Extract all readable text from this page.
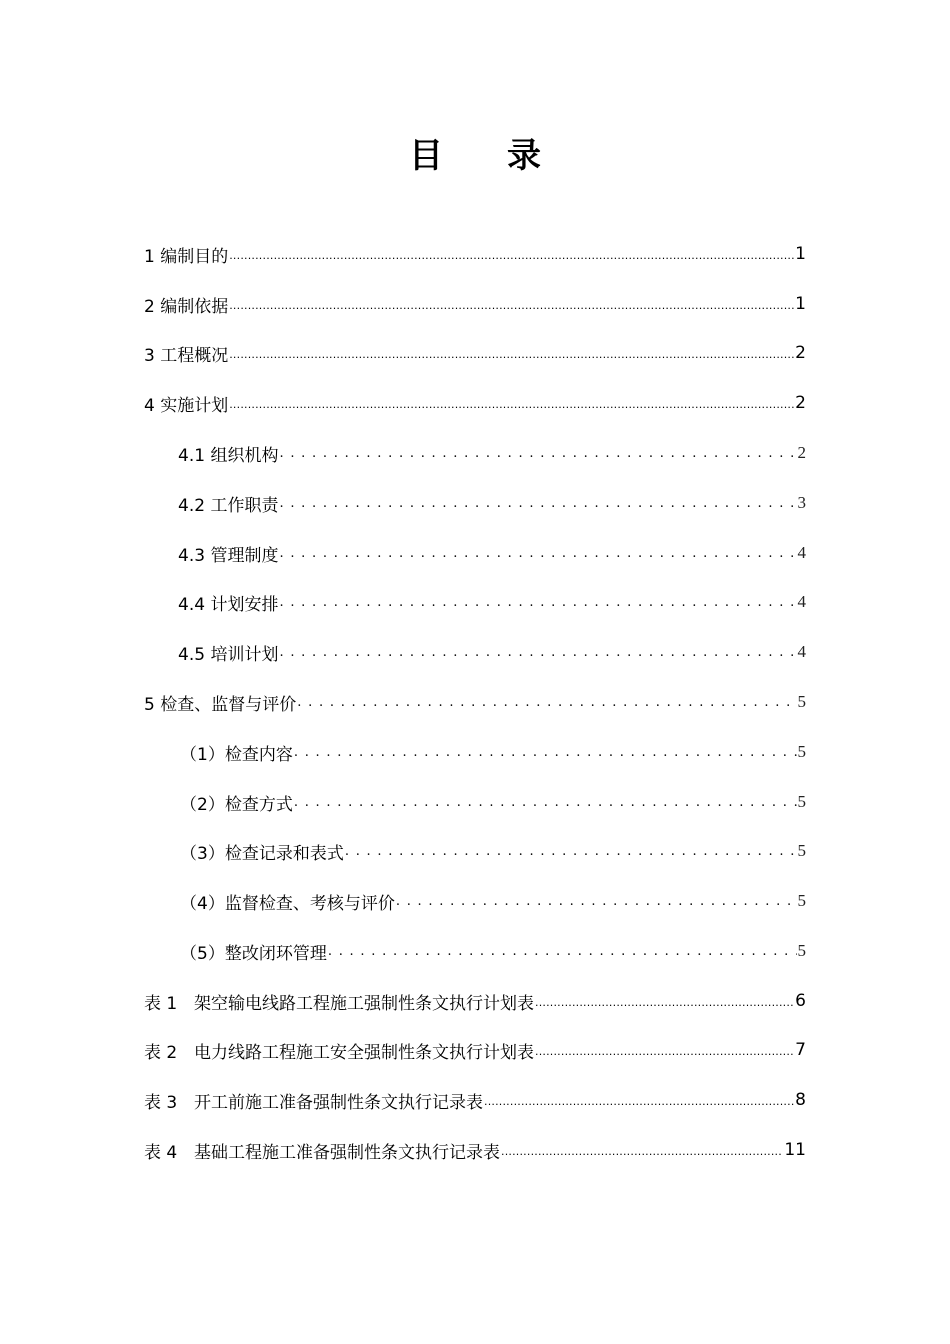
目 录
1 编制目的 .....	1
2 编制依据 .....	1
3 工程概况 .....	2
4 实施计划 .....	2
4.1 组织机构 . . .	2
4.2 工作职责 . . .	3
4.3 管理制度 . . .	4
4.4 计划安排 . . .	4
4.5 培训计划 . . .	4
5 检查、监督与评价 . . .	5
（1）检查内容 . . .	5
（2）检查方式 . . .	5
（3）检查记录和表式 . . .	5
（4）监督检查、考核与评价 . . .	5
（5）整改闭环管理 . . .	5
表 1 架空输电线路工程施工强制性条文执行计划表 .....	6
表 2 电力线路工程施工安全强制性条文执行计划表 .....	7
表 3 开工前施工准备强制性条文执行记录表 .....	8
表 4 基础工程施工准备强制性条文执行记录表 .....	11
